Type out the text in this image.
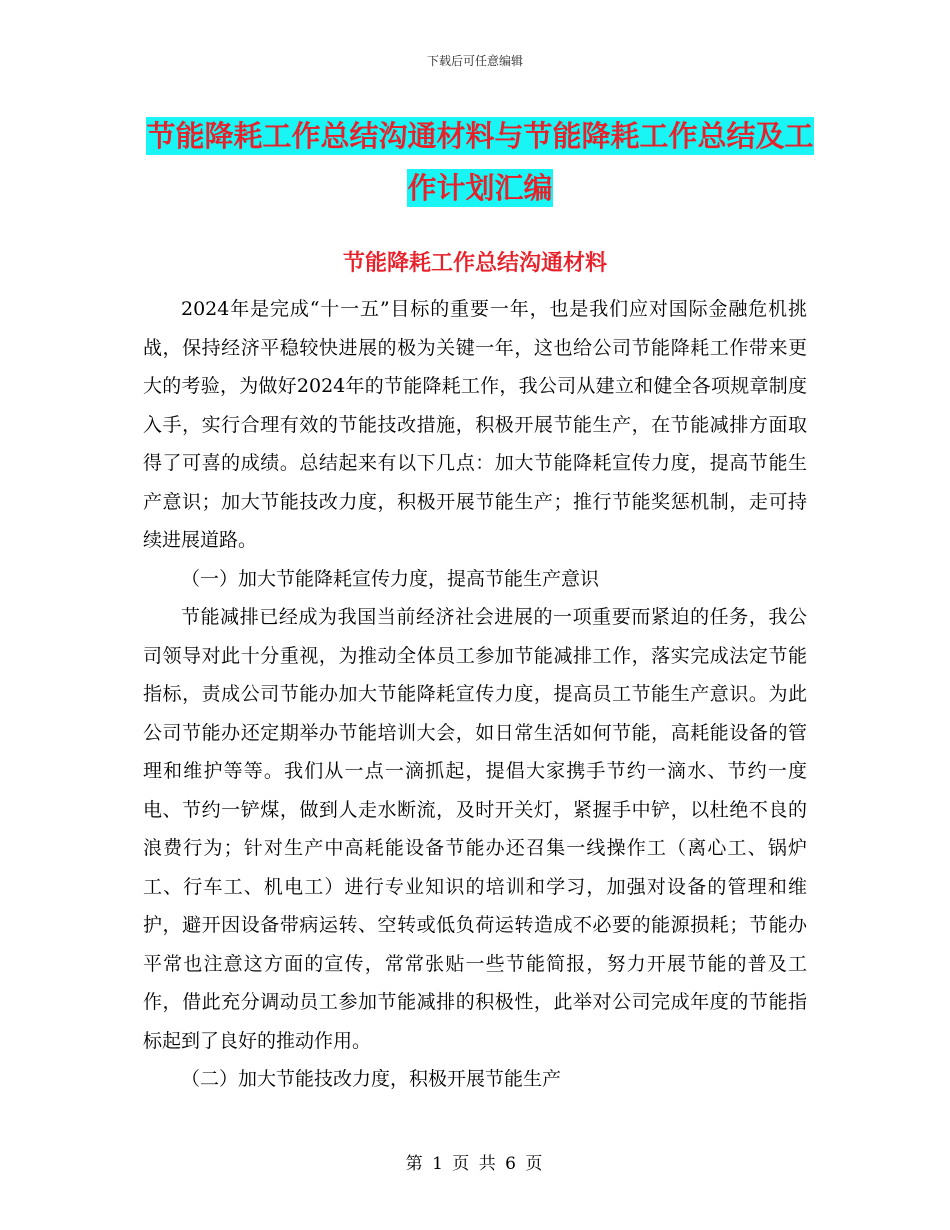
下载后可任意编辑
节能降耗工作总结沟通材料与节能降耗工作总结及工作计划汇编
节能降耗工作总结沟通材料

2024年是完成“十一五”目标的重要一年，也是我们应对国际金融危机挑战，保持经济平稳较快进展的极为关键一年，这也给公司节能降耗工作带来更大的考验，为做好2024年的节能降耗工作，我公司从建立和健全各项规章制度入手，实行合理有效的节能技改措施，积极开展节能生产，在节能减排方面取得了可喜的成绩。总结起来有以下几点：加大节能降耗宣传力度，提高节能生产意识；加大节能技改力度，积极开展节能生产；推行节能奖惩机制，走可持续进展道路。

（一）加大节能降耗宣传力度，提高节能生产意识

节能减排已经成为我国当前经济社会进展的一项重要而紧迫的任务，我公司领导对此十分重视，为推动全体员工参加节能减排工作，落实完成法定节能指标，责成公司节能办加大节能降耗宣传力度，提高员工节能生产意识。为此公司节能办还定期举办节能培训大会，如日常生活如何节能，高耗能设备的管理和维护等等。我们从一点一滴抓起，提倡大家携手节约一滴水、节约一度电、节约一铲煤，做到人走水断流，及时开关灯，紧握手中铲，以杜绝不良的浪费行为；针对生产中高耗能设备节能办还召集一线操作工（离心工、锅炉工、行车工、机电工）进行专业知识的培训和学习，加强对设备的管理和维护，避开因设备带病运转、空转或低负荷运转造成不必要的能源损耗；节能办平常也注意这方面的宣传，常常张贴一些节能简报，努力开展节能的普及工作，借此充分调动员工参加节能减排的积极性，此举对公司完成年度的节能指标起到了良好的推动作用。

（二）加大节能技改力度，积极开展节能生产

第 1 页 共 6 页
